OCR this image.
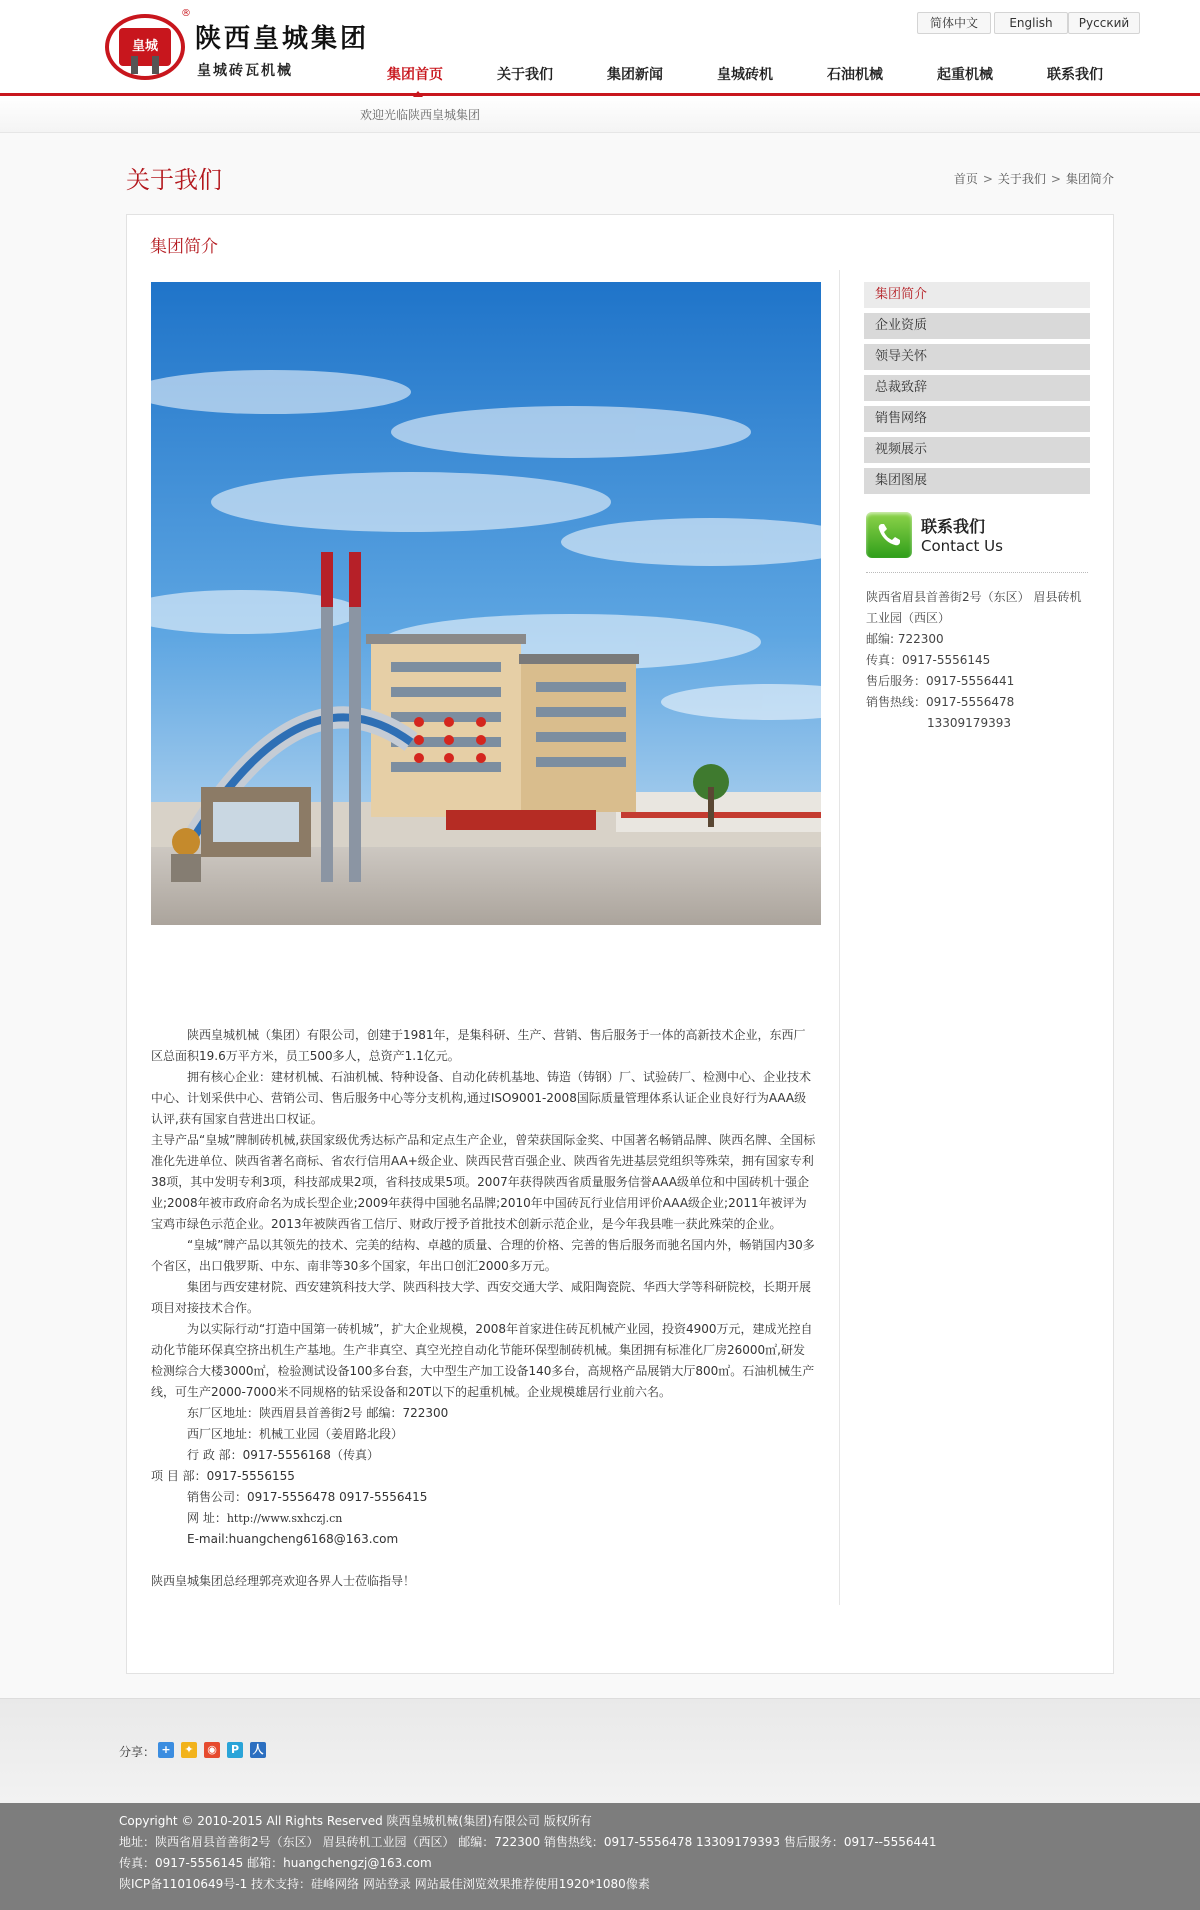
皇城
®
陕西皇城集团
皇城砖瓦机械
简体中文	English	Русский
集团首页	关于我们	集团新闻	皇城砖机	石油机械	起重机械	联系我们
欢迎光临陕西皇城集团
关于我们	首页 > 关于我们 > 集团简介
集团简介

陕西皇城机械（集团）有限公司，创建于1981年，是集科研、生产、营销、售后服务于一体的高新技术企业，东西厂区总面积19.6万平方米，员工500多人，总资产1.1亿元。

拥有核心企业：建材机械、石油机械、特种设备、自动化砖机基地、铸造（铸钢）厂、试验砖厂、检测中心、企业技术中心、计划采供中心、营销公司、售后服务中心等分支机构,通过ISO9001-2008国际质量管理体系认证企业良好行为AAA级认评,获有国家自营进出口权证。

主导产品“皇城”牌制砖机械,获国家级优秀达标产品和定点生产企业，曾荣获国际金奖、中国著名畅销品牌、陕西名牌、全国标准化先进单位、陕西省著名商标、省农行信用AA+级企业、陕西民营百强企业、陕西省先进基层党组织等殊荣，拥有国家专利38项，其中发明专利3项，科技部成果2项，省科技成果5项。2007年获得陕西省质量服务信誉AAA级单位和中国砖机十强企业;2008年被市政府命名为成长型企业;2009年获得中国驰名品牌;2010年中国砖瓦行业信用评价AAA级企业;2011年被评为宝鸡市绿色示范企业。2013年被陕西省工信厅、财政厅授予首批技术创新示范企业，是今年我县唯一获此殊荣的企业。

“皇城”牌产品以其领先的技术、完美的结构、卓越的质量、合理的价格、完善的售后服务而驰名国内外，畅销国内30多个省区，出口俄罗斯、中东、南非等30多个国家，年出口创汇2000多万元。

集团与西安建材院、西安建筑科技大学、陕西科技大学、西安交通大学、咸阳陶瓷院、华西大学等科研院校，长期开展项目对接技术合作。

为以实际行动“打造中国第一砖机城”，扩大企业规模，2008年首家进住砖瓦机械产业园，投资4900万元，建成光控自动化节能环保真空挤出机生产基地。生产非真空、真空光控自动化节能环保型制砖机械。集团拥有标准化厂房26000㎡,研发检测综合大楼3000㎡，检验测试设备100多台套，大中型生产加工设备140多台，高规格产品展销大厅800㎡。石油机械生产线，可生产2000-7000米不同规格的钻采设备和20T以下的起重机械。企业规模雄居行业前六名。

东厂区地址：陕西眉县首善街2号 邮编：722300

西厂区地址：机械工业园（姜眉路北段）

行 政 部：0917-5556168（传真）

项 目 部：0917-5556155

销售公司：0917-5556478 0917-5556415

网 址：http://www.sxhczj.cn

E-mail:huangcheng6168@163.com

陕西皇城集团总经理郭亮欢迎各界人士莅临指导！

集团简介
企业资质
领导关怀
总裁致辞
销售网络
视频展示
集团图展
联系我们
Contact Us

陕西省眉县首善街2号（东区） 眉县砖机工业园（西区）

邮编: 722300

传真：0917-5556145

售后服务：0917-5556441

销售热线：0917-5556478

13309179393

分享： +	✦	◉	P	人

Copyright © 2010-2015 All Rights Reserved 陕西皇城机械(集团)有限公司 版权所有

地址：陕西省眉县首善街2号（东区） 眉县砖机工业园（西区） 邮编：722300 销售热线：0917-5556478 13309179393 售后服务：0917--5556441

传真：0917-5556145 邮箱：huangchengzj@163.com

陕ICP备11010649号-1 技术支持：硅峰网络 网站登录 网站最佳浏览效果推荐使用1920*1080像素
